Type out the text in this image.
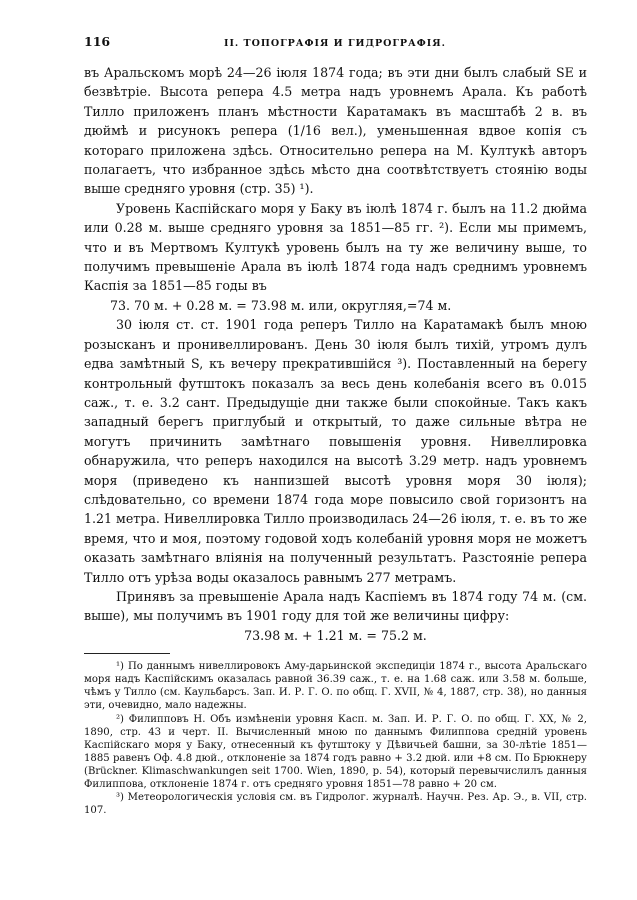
116	II. ТОПОГРАФІЯ И ГИДРОГРАФІЯ.

въ Аральскомъ морѣ 24—26 іюля 1874 года; въ эти дни былъ слабый SE и безвѣтріе. Высота репера 4.5 метра надъ уровнемъ Арала. Къ работѣ Тилло приложенъ планъ мѣстности Каратамакъ въ масштабѣ 2 в. въ дюймѣ и рисунокъ репера (1/16 вел.), уменьшенная вдвое копія съ котораго приложена здѣсь. Относительно репера на М. Култукѣ авторъ полагаетъ, что избранное здѣсь мѣсто дна соотвѣтствуетъ стоянію воды выше средняго уровня (стр. 35) ¹).

Уровень Каспійскаго моря у Баку въ іюлѣ 1874 г. былъ на 11.2 дюйма или 0.28 м. выше средняго уровня за 1851—85 гг. ²). Если мы примемъ, что и въ Мертвомъ Култукѣ уровень былъ на ту же величину выше, то получимъ превышеніе Арала въ іюлѣ 1874 года надъ среднимъ уровнемъ Каспія за 1851—85 годы въ

73. 70 м. + 0.28 м. = 73.98 м. или, округляя,=74 м.

30 іюля ст. ст. 1901 года реперъ Тилло на Каратамакѣ былъ мною розысканъ и пронивеллированъ. День 30 іюля былъ тихій, утромъ дулъ едва замѣтный S, къ вечеру прекратившійся ³). Поставленный на берегу контрольный футштокъ показалъ за весь день колебанія всего въ 0.015 саж., т. е. 3.2 сант. Предыдущіе дни также были спокойные. Такъ какъ западный берегъ приглубый и открытый, то даже сильные вѣтра не могутъ причинить замѣтнаго повышенія уровня. Нивеллировка обнаружила, что реперъ находился на высотѣ 3.29 метр. надъ уровнемъ моря (приведено къ нанпизшей высотѣ уровня моря 30 іюля); слѣдовательно, со времени 1874 года море повысило свой горизонтъ на 1.21 метра. Нивеллировка Тилло производилась 24—26 іюля, т. е. въ то же время, что и моя, поэтому годовой ходъ колебаній уровня моря не можетъ оказать замѣтнаго вліянія на полученный результатъ. Разстояніе репера Тилло отъ урѣза воды оказалось равнымъ 277 метрамъ.

Принявъ за превышеніе Арала надъ Каспіемъ въ 1874 году 74 м. (см. выше), мы получимъ въ 1901 году для той же величины цифру:

73.98 м. + 1.21 м. = 75.2 м.

¹) По даннымъ нивеллировокъ Аму-дарьинской экспедиціи 1874 г., высота Аральскаго моря надъ Каспійскимъ оказалась равной 36.39 саж., т. е. на 1.68 саж. или 3.58 м. больше, чѣмъ у Тилло (см. Каульбарсъ. Зап. И. Р. Г. О. по общ. Г. XVII, № 4, 1887, стр. 38), но данныя эти, очевидно, мало надежны.

²) Филипповъ Н. Объ измѣненіи уровня Касп. м. Зап. И. Р. Г. О. по общ. Г. XX, № 2, 1890, стр. 43 и черт. II. Вычисленный мною по даннымъ Филиппова средній уровень Каспійскаго моря у Баку, отнесенный къ футштоку у Дѣвичьей башни, за 30-лѣтіе 1851—1885 равенъ Оф. 4.8 дюй., отклоненіе за 1874 годъ равно + 3.2 дюй. или +8 см. По Брюкнеру (Brückner. Klimaschwankungen seit 1700. Wien, 1890, p. 54), который перевычислилъ данныя Филиппова, отклоненіе 1874 г. отъ средняго уровня 1851—78 равно + 20 см.

³) Метеорологическія условія см. въ Гидролог. журналѣ. Научн. Рез. Ар. Э., в. VII, стр. 107.
